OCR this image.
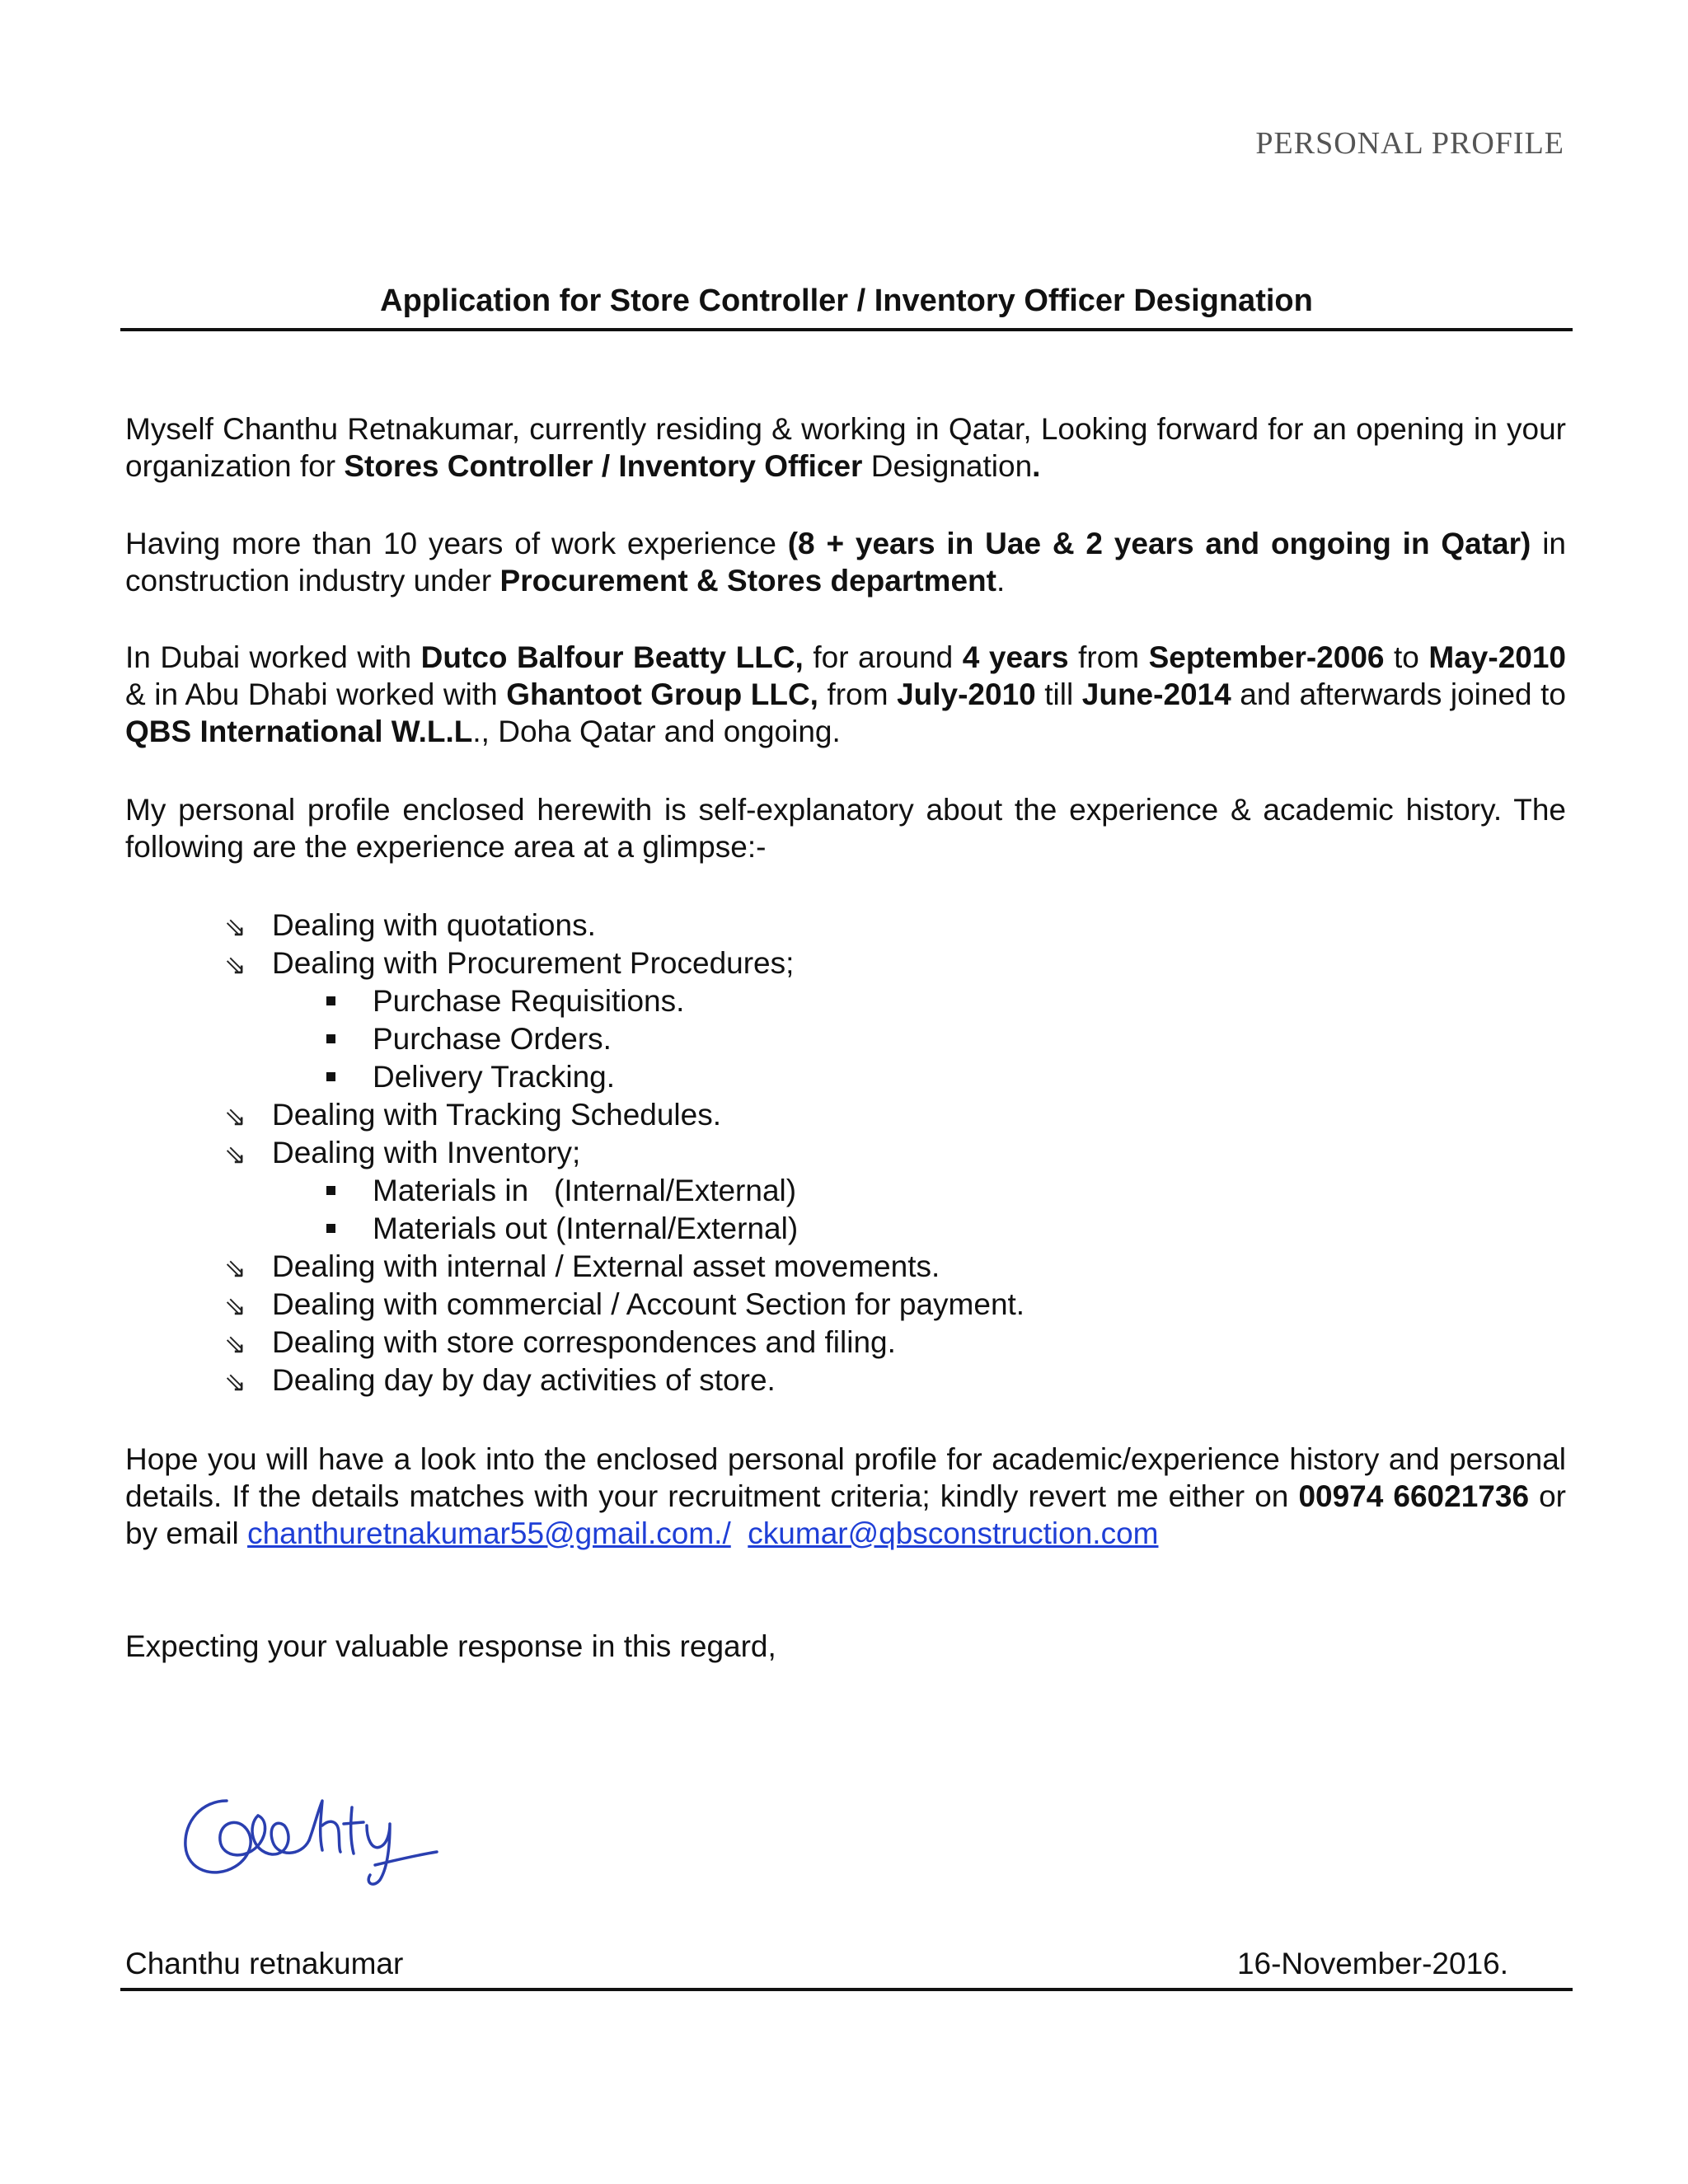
PERSONAL PROFILE
Application for Store Controller / Inventory Officer Designation
Myself Chanthu Retnakumar, currently residing & working in Qatar, Looking forward for an opening in your organization for Stores Controller / Inventory Officer Designation.
Having more than 10 years of work experience (8 + years in Uae & 2 years and ongoing in Qatar) in construction industry under Procurement & Stores department.
In Dubai worked with Dutco Balfour Beatty LLC, for around 4 years from September-2006 to May-2010 & in Abu Dhabi worked with Ghantoot Group LLC, from July-2010 till June-2014 and afterwards joined to QBS International W.L.L., Doha Qatar and ongoing.
My personal profile enclosed herewith is self-explanatory about the experience & academic history. The following are the experience area at a glimpse:-
⇘ Dealing with quotations.
⇘ Dealing with Procurement Procedures;
Purchase Requisitions.
Purchase Orders.
Delivery Tracking.
⇘ Dealing with Tracking Schedules.
⇘ Dealing with Inventory;
Materials in   (Internal/External)
Materials out (Internal/External)
⇘ Dealing with internal / External asset movements.
⇘ Dealing with commercial / Account Section for payment.
⇘ Dealing with store correspondences and filing.
⇘ Dealing day by day activities of store.
Hope you will have a look into the enclosed personal profile for academic/experience history and personal details. If the details matches with your recruitment criteria; kindly revert me either on 00974 66021736 or by email chanthuretnakumar55@gmail.com./ ckumar@qbsconstruction.com
Expecting your valuable response in this regard,
Chanthu retnakumar	16-November-2016.
